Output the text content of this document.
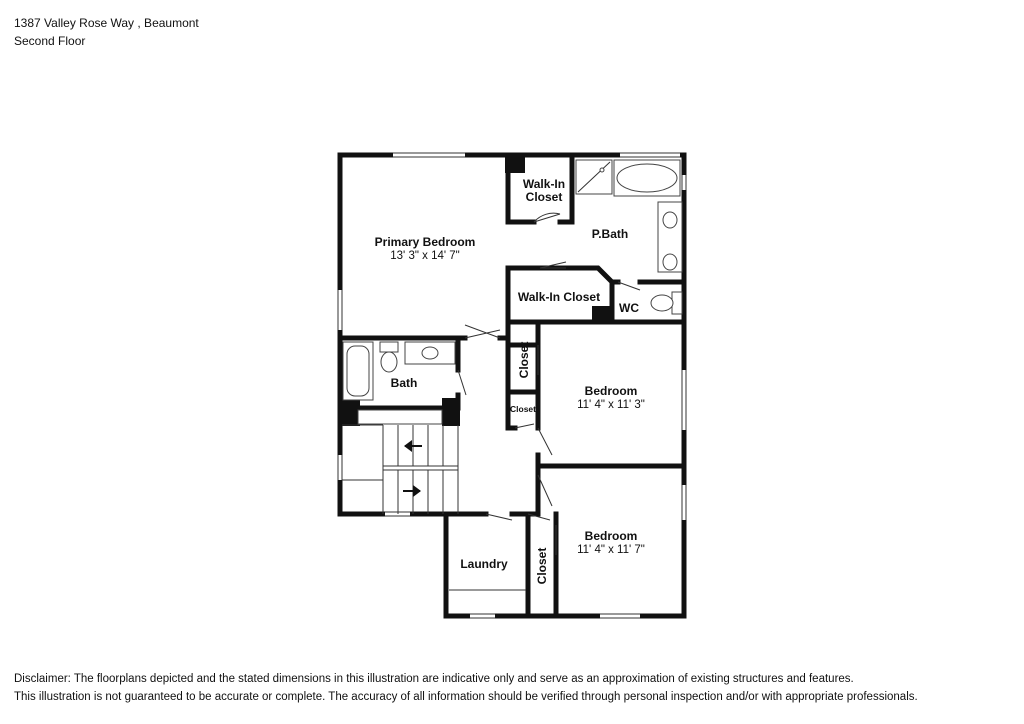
1387 Valley Rose Way , Beaumont
Second Floor
Primary Bedroom
13' 3" x 14' 7"
Walk-In
Closet
P.Bath
Walk-In Closet
WC
Bath
Closet
Closet
Bedroom
11' 4" x 11' 3"
Bedroom
11' 4" x 11' 7"
Laundry Closet
Disclaimer: The floorplans depicted and the stated dimensions in this illustration are indicative only and serve as an approximation of existing structures and features.
This illustration is not guaranteed to be accurate or complete. The accuracy of all information should be verified through personal inspection and/or with appropriate professionals.
